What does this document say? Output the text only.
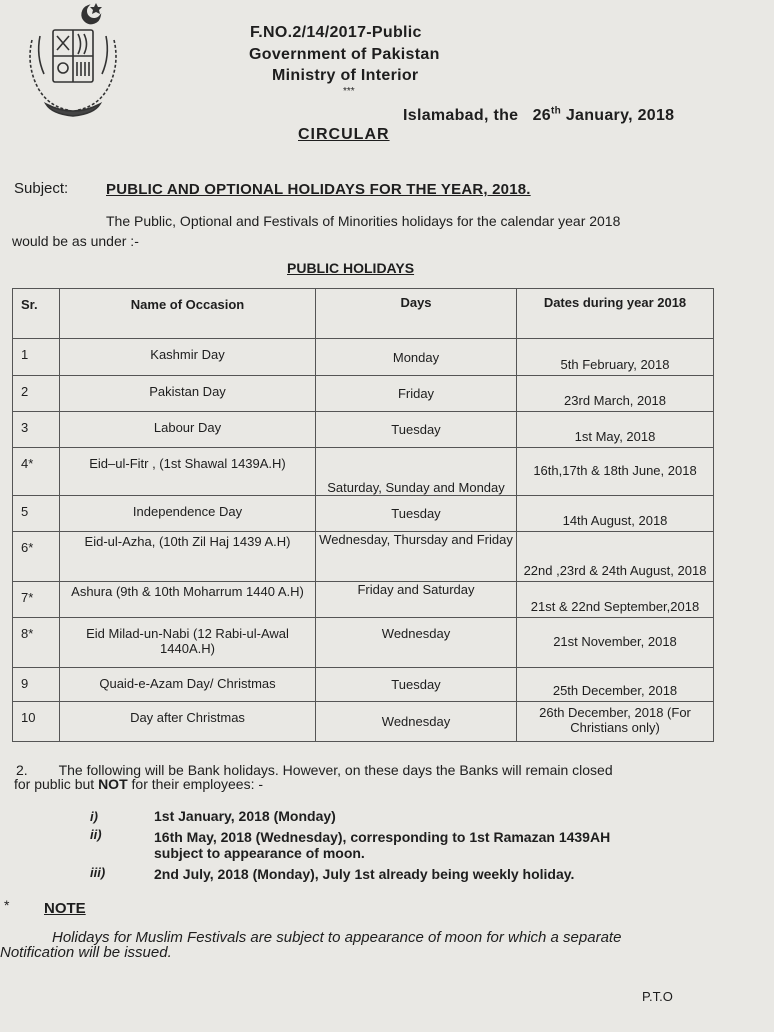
F.NO.2/14/2017-Public
Government of Pakistan
Ministry of Interior
***
Islamabad, the 26th January, 2018
CIRCULAR
Subject:	PUBLIC AND OPTIONAL HOLIDAYS FOR THE YEAR, 2018.
The Public, Optional and Festivals of Minorities holidays for the calendar year 2018
would be as under :-
PUBLIC HOLIDAYS
Sr.	Name of Occasion	Days	Dates during year 2018
1	Kashmir Day	Monday	5th February, 2018
2	Pakistan Day	Friday	23rd March, 2018
3	Labour Day	Tuesday	1st May, 2018
4*	Eid–ul-Fitr , (1st Shawal 1439A.H)	Saturday, Sunday and Monday	16th,17th & 18th June, 2018
5	Independence Day	Tuesday	14th August, 2018
6*	Eid-ul-Azha, (10th Zil Haj 1439 A.H)	Wednesday, Thursday and Friday	22nd ,23rd & 24th August, 2018
7*	Ashura (9th & 10th Moharrum 1440 A.H)	Friday and Saturday	21st & 22nd September,2018
8*	Eid Milad-un-Nabi (12 Rabi-ul-Awal 1440A.H)	Wednesday	21st November, 2018
9	Quaid-e-Azam Day/ Christmas	Tuesday	25th December, 2018
10	Day after Christmas	Wednesday	26th December, 2018 (For Christians only)
2. The following will be Bank holidays. However, on these days the Banks will remain closed
for public but NOT for their employees: -
i)	1st January, 2018 (Monday)
ii)	16th May, 2018 (Wednesday), corresponding to 1st Ramazan 1439AH
subject to appearance of moon.
iii)	2nd July, 2018 (Monday), July 1st already being weekly holiday.
* NOTE
Holidays for Muslim Festivals are subject to appearance of moon for which a separate
Notification will be issued.
P.T.O
